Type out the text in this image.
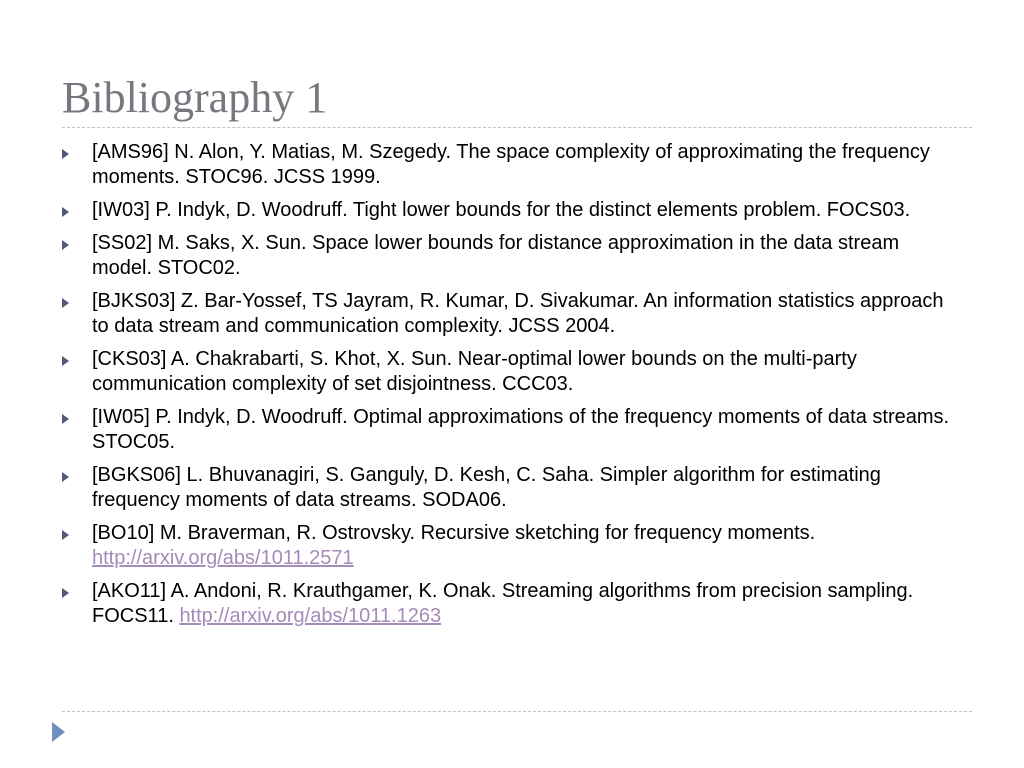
Bibliography 1
[AMS96] N. Alon, Y. Matias, M. Szegedy. The space complexity of approximating the frequency moments. STOC96. JCSS 1999.
[IW03] P. Indyk, D. Woodruff. Tight lower bounds for the distinct elements problem. FOCS03.
[SS02] M. Saks, X. Sun. Space lower bounds for distance approximation in the data stream model. STOC02.
[BJKS03] Z. Bar-Yossef, TS Jayram, R. Kumar, D. Sivakumar. An information statistics approach to data stream and communication complexity. JCSS 2004.
[CKS03] A. Chakrabarti, S. Khot, X. Sun. Near-optimal lower bounds on the multi-party communication complexity of set disjointness. CCC03.
[IW05] P. Indyk, D. Woodruff. Optimal approximations of the frequency moments of data streams. STOC05.
[BGKS06] L. Bhuvanagiri, S. Ganguly, D. Kesh, C. Saha. Simpler algorithm for estimating frequency moments of data streams. SODA06.
[BO10] M. Braverman, R. Ostrovsky. Recursive sketching for frequency moments. http://arxiv.org/abs/1011.2571
[AKO11] A. Andoni, R. Krauthgamer, K. Onak. Streaming algorithms from precision sampling. FOCS11. http://arxiv.org/abs/1011.1263
